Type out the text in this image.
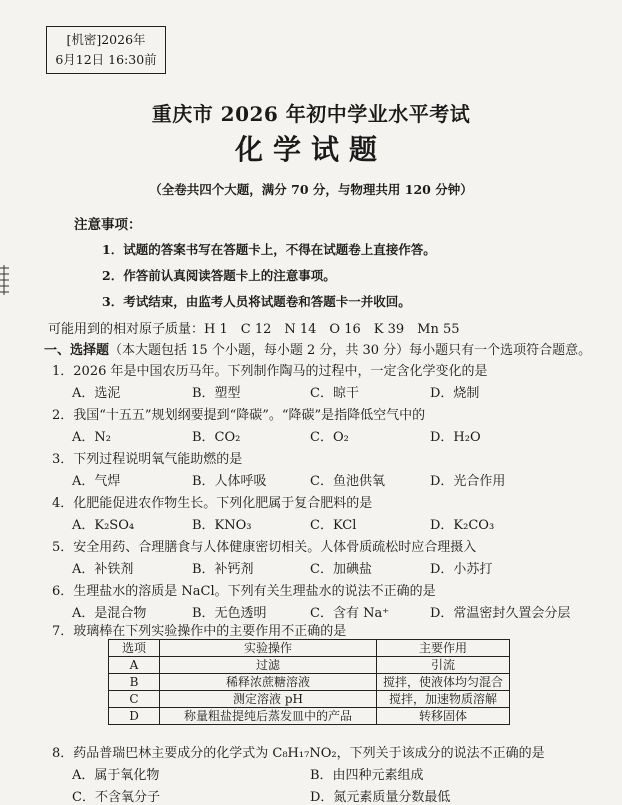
[机密]2026年
6月12日 16:30前
重庆市 2026 年初中学业水平考试
化学试题
（全卷共四个大题，满分 70 分，与物理共用 120 分钟）
注意事项：
1．试题的答案书写在答题卡上，不得在试题卷上直接作答。
2．作答前认真阅读答题卡上的注意事项。
3．考试结束，由监考人员将试题卷和答题卡一并收回。
可能用到的相对原子质量：H 1　C 12　N 14　O 16　K 39　Mn 55
一、选择题（本大题包括 15 个小题，每小题 2 分，共 30 分）每小题只有一个选项符合题意。
1．2026 年是中国农历马年。下列制作陶马的过程中，一定含化学变化的是
A．选泥	B．塑型	C．晾干	D．烧制
2．我国“十五五”规划纲要提到“降碳”。“降碳”是指降低空气中的
A．N₂	B．CO₂	C．O₂	D．H₂O
3．下列过程说明氧气能助燃的是
A．气焊	B．人体呼吸	C．鱼池供氧	D．光合作用
4．化肥能促进农作物生长。下列化肥属于复合肥料的是
A．K₂SO₄	B．KNO₃	C．KCl	D．K₂CO₃
5．安全用药、合理膳食与人体健康密切相关。人体骨质疏松时应合理摄入
A．补铁剂	B．补钙剂	C．加碘盐	D．小苏打
6．生理盐水的溶质是 NaCl。下列有关生理盐水的说法不正确的是
A．是混合物	B．无色透明	C．含有 Na⁺	D．常温密封久置会分层
7．玻璃棒在下列实验操作中的主要作用不正确的是
选项	实验操作	主要作用
A	过滤	引流
B	稀释浓蔗糖溶液	搅拌，使液体均匀混合
C	测定溶液 pH	搅拌，加速物质溶解
D	称量粗盐提纯后蒸发皿中的产品	转移固体
8．药品普瑞巴林主要成分的化学式为 C₈H₁₇NO₂，下列关于该成分的说法不正确的是
A．属于氧化物	B．由四种元素组成
C．不含氧分子	D．氮元素质量分数最低
